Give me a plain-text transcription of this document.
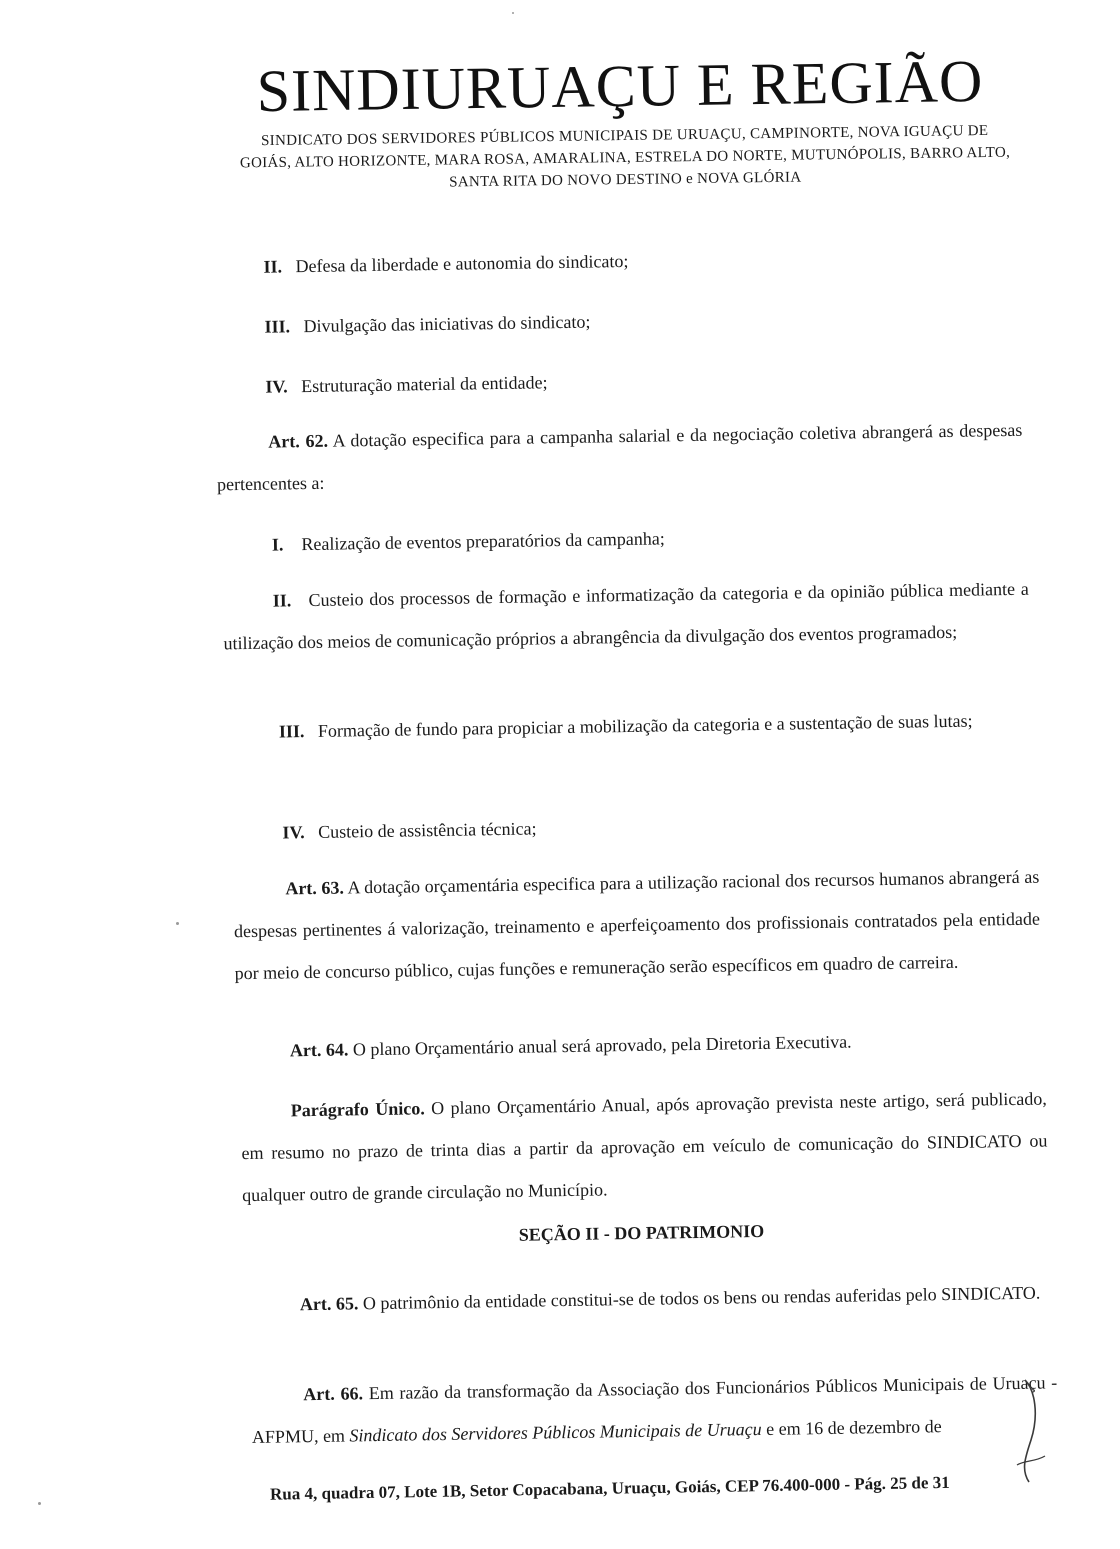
SINDIURUAÇU E REGIÃO
SINDICATO DOS SERVIDORES PÚBLICOS MUNICIPAIS DE URUAÇU, CAMPINORTE, NOVA IGUAÇU DE
GOIÁS, ALTO HORIZONTE, MARA ROSA, AMARALINA, ESTRELA DO NORTE, MUTUNÓPOLIS, BARRO ALTO,
SANTA RITA DO NOVO DESTINO e NOVA GLÓRIA
II. Defesa da liberdade e autonomia do sindicato;
III. Divulgação das iniciativas do sindicato;
IV. Estruturação material da entidade;
Art. 62. A dotação especifica para a campanha salarial e da negociação coletiva abrangerá as despesas pertencentes a:
I. Realização de eventos preparatórios da campanha;
II. Custeio dos processos de formação e informatização da categoria e da opinião pública mediante a utilização dos meios de comunicação próprios a abrangência da divulgação dos eventos programados;
III. Formação de fundo para propiciar a mobilização da categoria e a sustentação de suas lutas;
IV. Custeio de assistência técnica;
Art. 63. A dotação orçamentária especifica para a utilização racional dos recursos humanos abrangerá as despesas pertinentes á valorização, treinamento e aperfeiçoamento dos profissionais contratados pela entidade por meio de concurso público, cujas funções e remuneração serão específicos em quadro de carreira.
Art. 64. O plano Orçamentário anual será aprovado, pela Diretoria Executiva.
Parágrafo Único. O plano Orçamentário Anual, após aprovação prevista neste artigo, será publicado, em resumo no prazo de trinta dias a partir da aprovação em veículo de comunicação do SINDICATO ou qualquer outro de grande circulação no Município.
SEÇÃO II - DO PATRIMONIO
Art. 65. O patrimônio da entidade constitui-se de todos os bens ou rendas auferidas pelo SINDICATO.
Art. 66. Em razão da transformação da Associação dos Funcionários Públicos Municipais de Uruaçu - AFPMU, em Sindicato dos Servidores Públicos Municipais de Uruaçu e em 16 de dezembro de
Rua 4, quadra 07, Lote 1B, Setor Copacabana, Uruaçu, Goiás, CEP 76.400-000 - Pág. 25 de 31
